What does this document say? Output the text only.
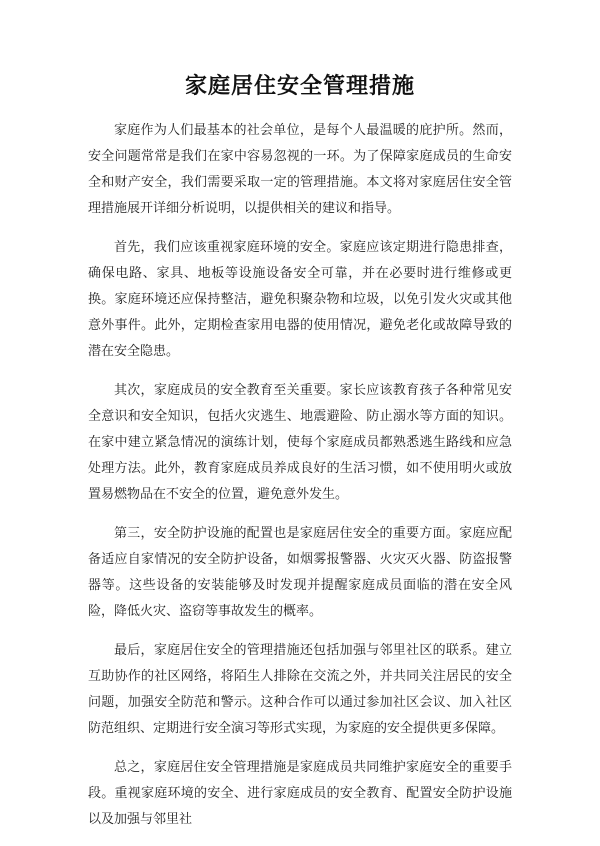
家庭居住安全管理措施

家庭作为人们最基本的社会单位，是每个人最温暖的庇护所。然而，安全问题常常是我们在家中容易忽视的一环。为了保障家庭成员的生命安全和财产安全，我们需要采取一定的管理措施。本文将对家庭居住安全管理措施展开详细分析说明，以提供相关的建议和指导。

首先，我们应该重视家庭环境的安全。家庭应该定期进行隐患排查，确保电路、家具、地板等设施设备安全可靠，并在必要时进行维修或更换。家庭环境还应保持整洁，避免积聚杂物和垃圾，以免引发火灾或其他意外事件。此外，定期检查家用电器的使用情况，避免老化或故障导致的潜在安全隐患。

其次，家庭成员的安全教育至关重要。家长应该教育孩子各种常见安全意识和安全知识，包括火灾逃生、地震避险、防止溺水等方面的知识。在家中建立紧急情况的演练计划，使每个家庭成员都熟悉逃生路线和应急处理方法。此外，教育家庭成员养成良好的生活习惯，如不使用明火或放置易燃物品在不安全的位置，避免意外发生。

第三，安全防护设施的配置也是家庭居住安全的重要方面。家庭应配备适应自家情况的安全防护设备，如烟雾报警器、火灾灭火器、防盗报警器等。这些设备的安装能够及时发现并提醒家庭成员面临的潜在安全风险，降低火灾、盗窃等事故发生的概率。

最后，家庭居住安全的管理措施还包括加强与邻里社区的联系。建立互助协作的社区网络，将陌生人排除在交流之外，并共同关注居民的安全问题，加强安全防范和警示。这种合作可以通过参加社区会议、加入社区防范组织、定期进行安全演习等形式实现，为家庭的安全提供更多保障。

总之，家庭居住安全管理措施是家庭成员共同维护家庭安全的重要手段。重视家庭环境的安全、进行家庭成员的安全教育、配置安全防护设施以及加强与邻里社
